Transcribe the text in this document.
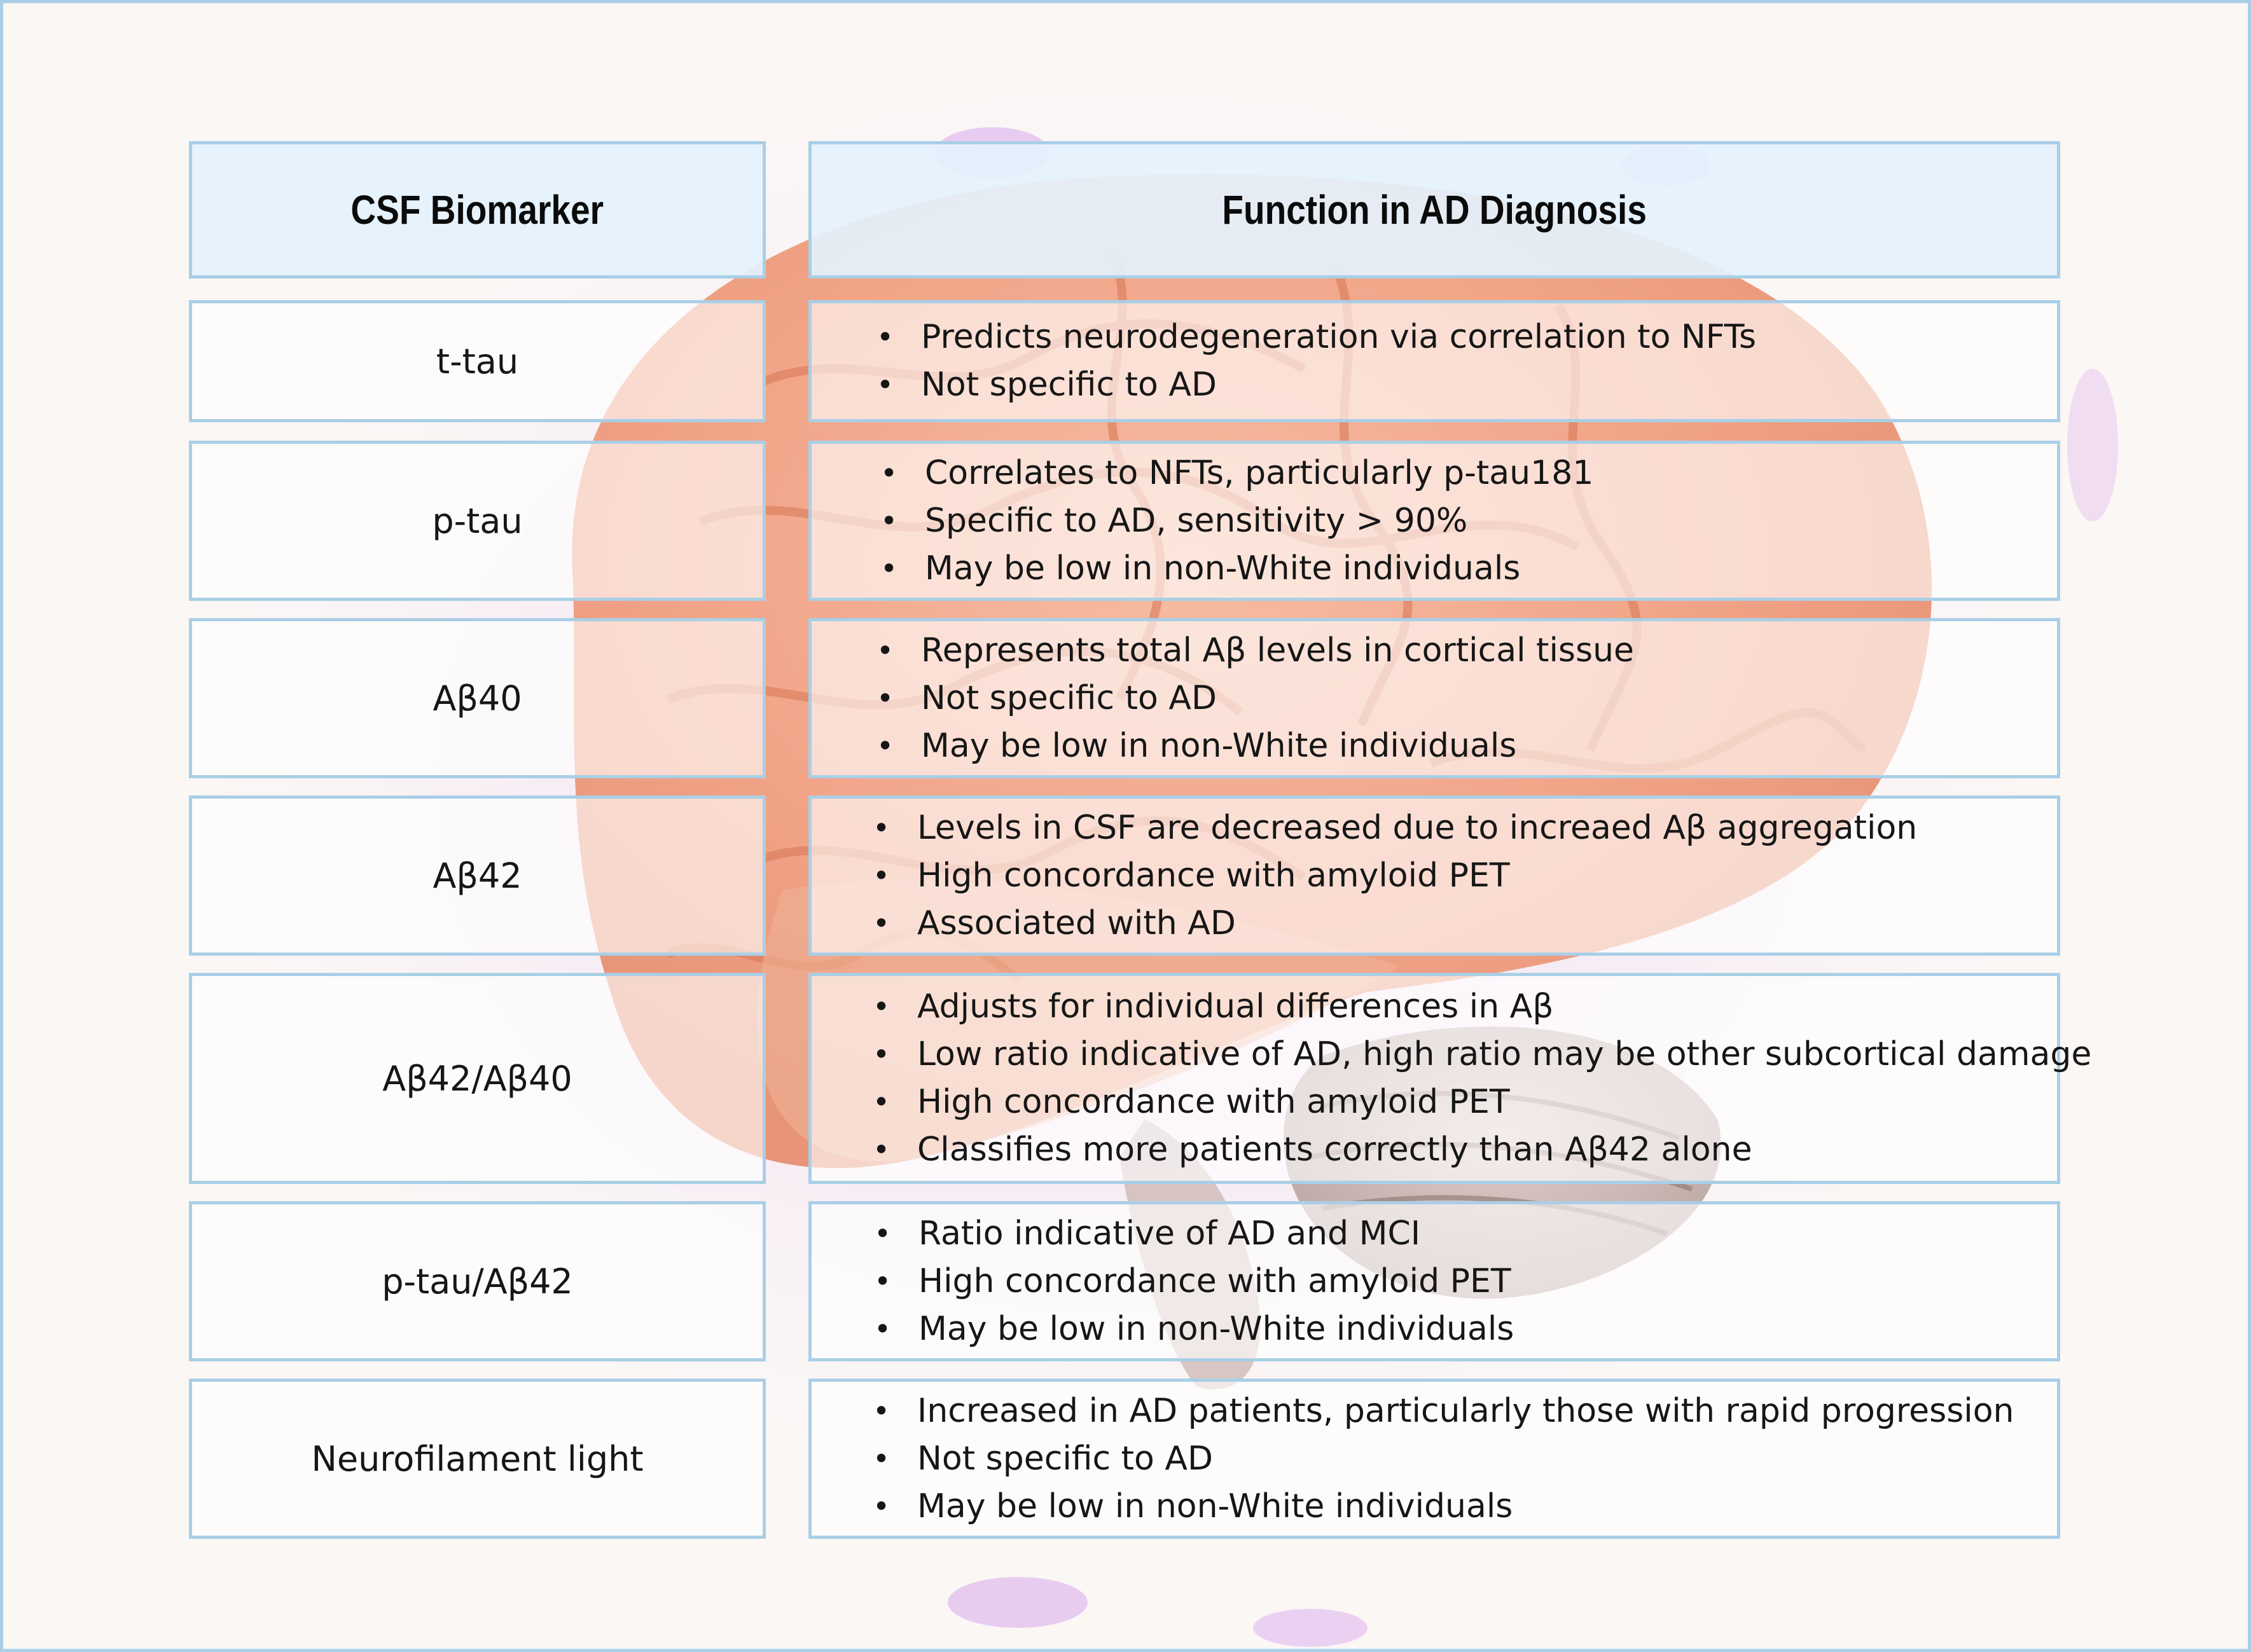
CSF Biomarker	Function in AD Diagnosis
t-tau
• Predicts neurodegeneration via correlation to NFTs
• Not specific to AD
p-tau
• Correlates to NFTs, particularly p-tau181
• Specific to AD, sensitivity > 90%
• May be low in non-White individuals
Aβ40
• Represents total Aβ levels in cortical tissue
• Not specific to AD
• May be low in non-White individuals
Aβ42
• Levels in CSF are decreased due to increaed Aβ aggregation
• High concordance with amyloid PET
• Associated with AD
Aβ42/Aβ40
• Adjusts for individual differences in Aβ
• Low ratio indicative of AD, high ratio may be other subcortical damage
• High concordance with amyloid PET
• Classifies more patients correctly than Aβ42 alone
p-tau/Aβ42
• Ratio indicative of AD and MCI
• High concordance with amyloid PET
• May be low in non-White individuals
Neurofilament light
• Increased in AD patients, particularly those with rapid progression
• Not specific to AD
• May be low in non-White individuals
